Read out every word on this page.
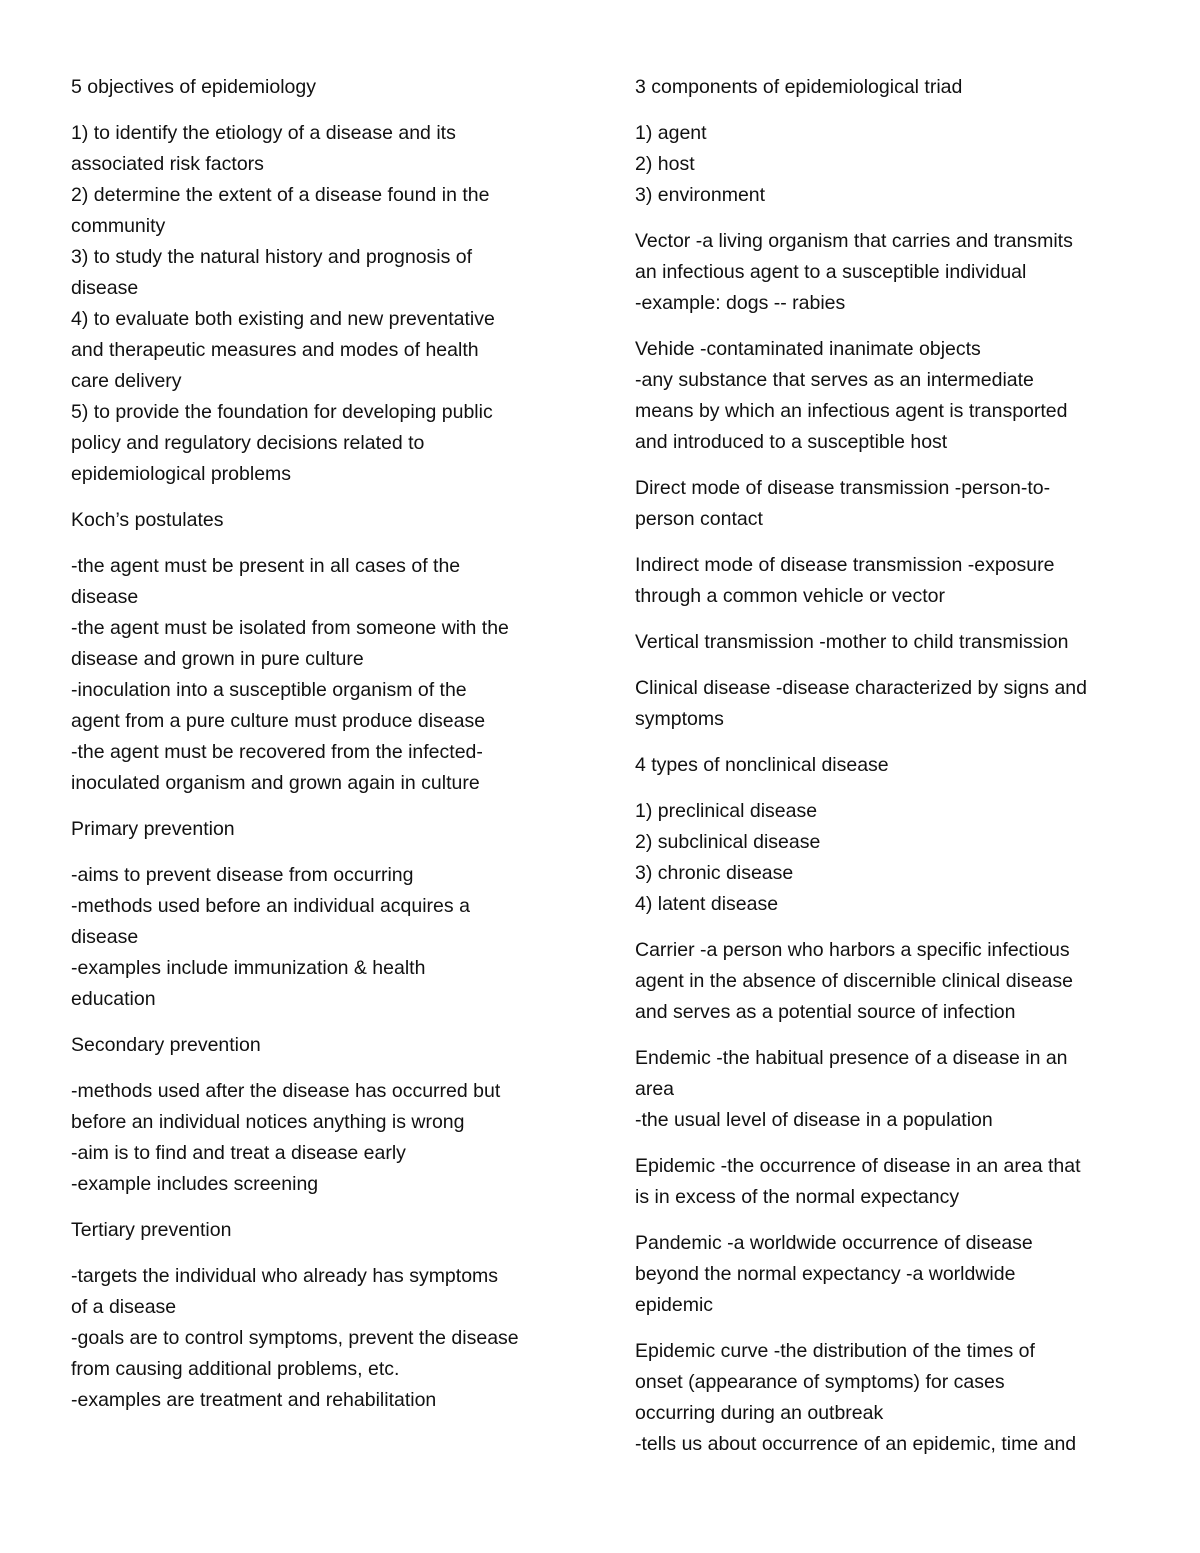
5 objectives of epidemiology

1) to identify the etiology of a disease and its
associated risk factors
2) determine the extent of a disease found in the
community
3) to study the natural history and prognosis of
disease
4) to evaluate both existing and new preventative
and therapeutic measures and modes of health
care delivery
5) to provide the foundation for developing public
policy and regulatory decisions related to
epidemiological problems

Koch’s postulates

-the agent must be present in all cases of the
disease
-the agent must be isolated from someone with the
disease and grown in pure culture
-inoculation into a susceptible organism of the
agent from a pure culture must produce disease
-the agent must be recovered from the infected-
inoculated organism and grown again in culture

Primary prevention

-aims to prevent disease from occurring
-methods used before an individual acquires a
disease
-examples include immunization & health
education

Secondary prevention

-methods used after the disease has occurred but
before an individual notices anything is wrong
-aim is to find and treat a disease early
-example includes screening

Tertiary prevention

-targets the individual who already has symptoms
of a disease
-goals are to control symptoms, prevent the disease
from causing additional problems, etc.
-examples are treatment and rehabilitation

3 components of epidemiological triad

1) agent
2) host
3) environment

Vector -a living organism that carries and transmits
an infectious agent to a susceptible individual
-example: dogs -- rabies

Vehide -contaminated inanimate objects
-any substance that serves as an intermediate
means by which an infectious agent is transported
and introduced to a susceptible host

Direct mode of disease transmission -person-to-
person contact

Indirect mode of disease transmission -exposure
through a common vehicle or vector

Vertical transmission -mother to child transmission

Clinical disease -disease characterized by signs and
symptoms

4 types of nonclinical disease

1) preclinical disease
2) subclinical disease
3) chronic disease
4) latent disease

Carrier -a person who harbors a specific infectious
agent in the absence of discernible clinical disease
and serves as a potential source of infection

Endemic -the habitual presence of a disease in an
area
-the usual level of disease in a population

Epidemic -the occurrence of disease in an area that
is in excess of the normal expectancy

Pandemic -a worldwide occurrence of disease
beyond the normal expectancy -a worldwide
epidemic

Epidemic curve -the distribution of the times of
onset (appearance of symptoms) for cases
occurring during an outbreak
-tells us about occurrence of an epidemic, time and
